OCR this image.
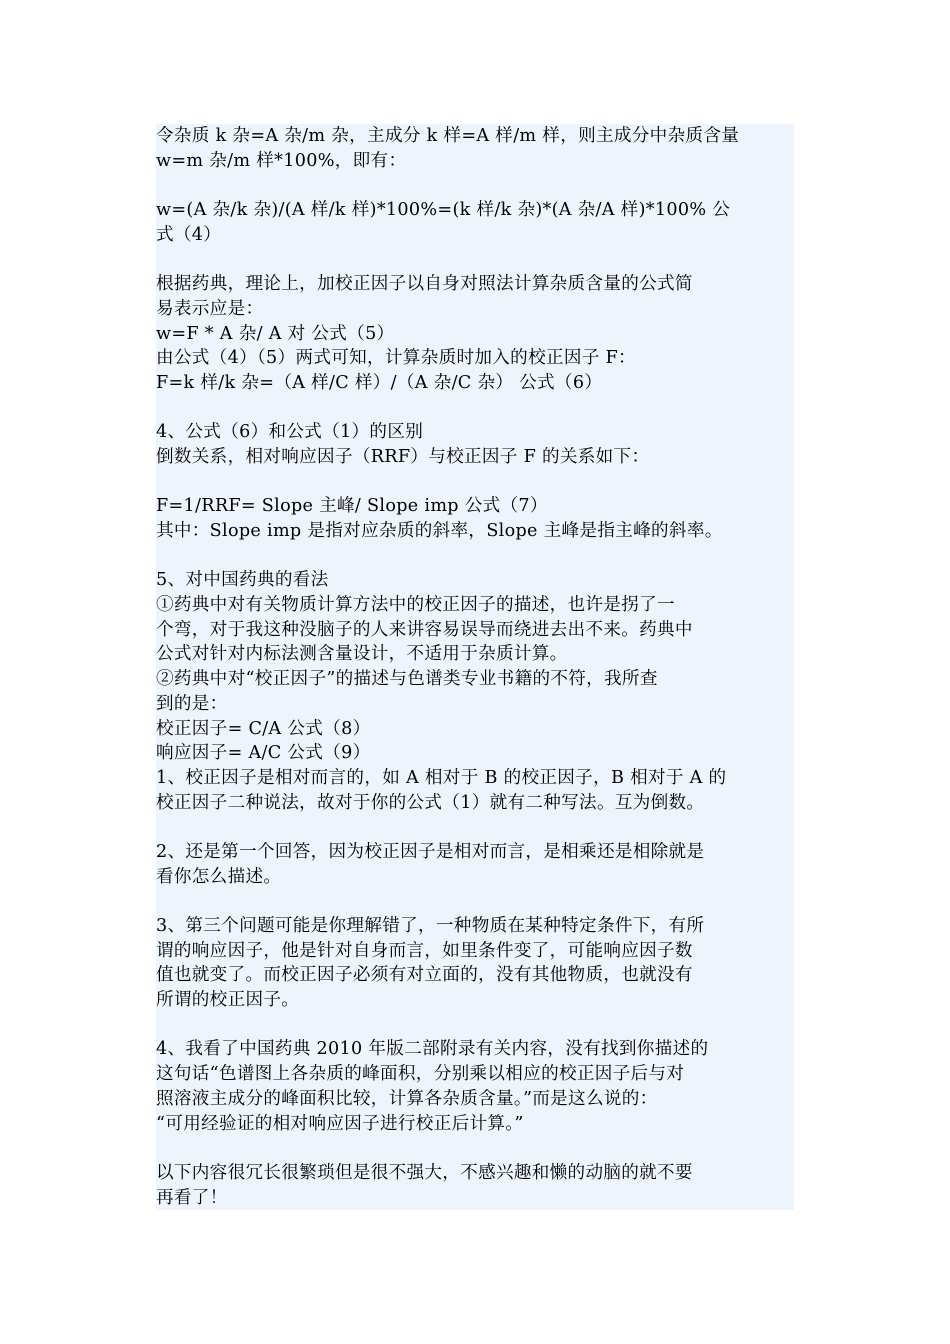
令杂质 k 杂=A 杂/m 杂，主成分 k 样=A 样/m 样，则主成分中杂质含量
w=m 杂/m 样*100%，即有：
w=(A 杂/k 杂)/(A 样/k 样)*100%=(k 样/k 杂)*(A 杂/A 样)*100% 公
式（4）
根据药典，理论上，加校正因子以自身对照法计算杂质含量的公式简
易表示应是：
w=F * A 杂/ A 对 公式（5）
由公式（4）（5）两式可知，计算杂质时加入的校正因子 F：
F=k 样/k 杂=（A 样/C 样）/（A 杂/C 杂） 公式（6）
4、公式（6）和公式（1）的区别
倒数关系，相对响应因子（RRF）与校正因子 F 的关系如下：
F=1/RRF= Slope 主峰/ Slope imp 公式（7）
其中：Slope imp 是指对应杂质的斜率，Slope 主峰是指主峰的斜率。
5、对中国药典的看法
①药典中对有关物质计算方法中的校正因子的描述，也许是拐了一
个弯，对于我这种没脑子的人来讲容易误导而绕进去出不来。药典中
公式对针对内标法测含量设计，不适用于杂质计算。
②药典中对“校正因子”的描述与色谱类专业书籍的不符，我所查
到的是：
校正因子= C/A 公式（8）
响应因子= A/C 公式（9）
1、校正因子是相对而言的，如 A 相对于 B 的校正因子，B 相对于 A 的
校正因子二种说法，故对于你的公式（1）就有二种写法。互为倒数。
2、还是第一个回答，因为校正因子是相对而言，是相乘还是相除就是
看你怎么描述。
3、第三个问题可能是你理解错了，一种物质在某种特定条件下，有所
谓的响应因子，他是针对自身而言，如里条件变了，可能响应因子数
值也就变了。而校正因子必须有对立面的，没有其他物质，也就没有
所谓的校正因子。
4、我看了中国药典 2010 年版二部附录有关内容，没有找到你描述的
这句话“色谱图上各杂质的峰面积，分别乘以相应的校正因子后与对
照溶液主成分的峰面积比较，计算各杂质含量。”而是这么说的：
“可用经验证的相对响应因子进行校正后计算。”
以下内容很冗长很繁琐但是很不强大，不感兴趣和懒的动脑的就不要
再看了！
